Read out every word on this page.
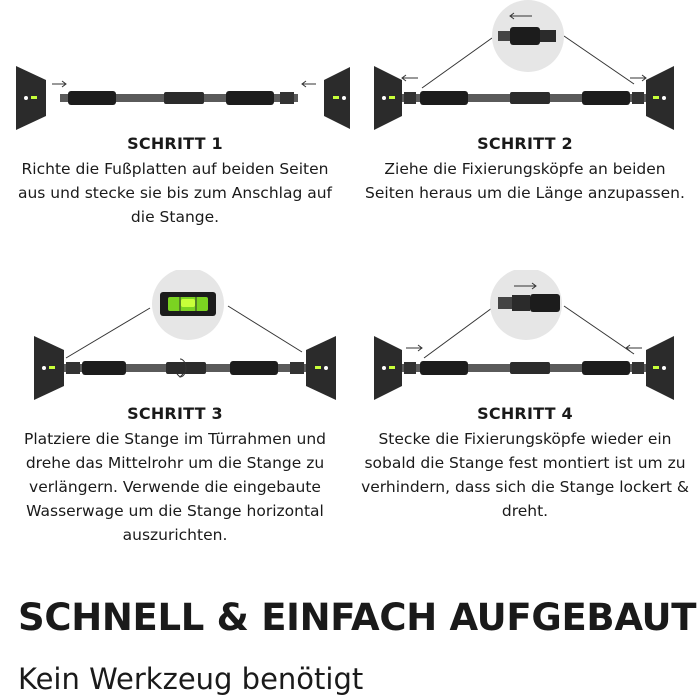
SCHRITT 1
Richte die Fußplatten auf beiden Seiten aus und stecke sie bis zum Anschlag auf die Stange.
SCHRITT 2
Ziehe die Fixierungsköpfe an beiden Seiten heraus um die Länge anzupassen.
SCHRITT 3
Platziere die Stange im Türrahmen und drehe das Mittelrohr um die Stange zu verlängern. Verwende die eingebaute Wasserwage um die Stange horizontal auszurichten.
SCHRITT 4
Stecke die Fixierungsköpfe wieder ein sobald die Stange fest montiert ist um zu verhindern, dass sich die Stange lockert & dreht.
SCHNELL & EINFACH AUFGEBAUT
Kein Werkzeug benötigt
